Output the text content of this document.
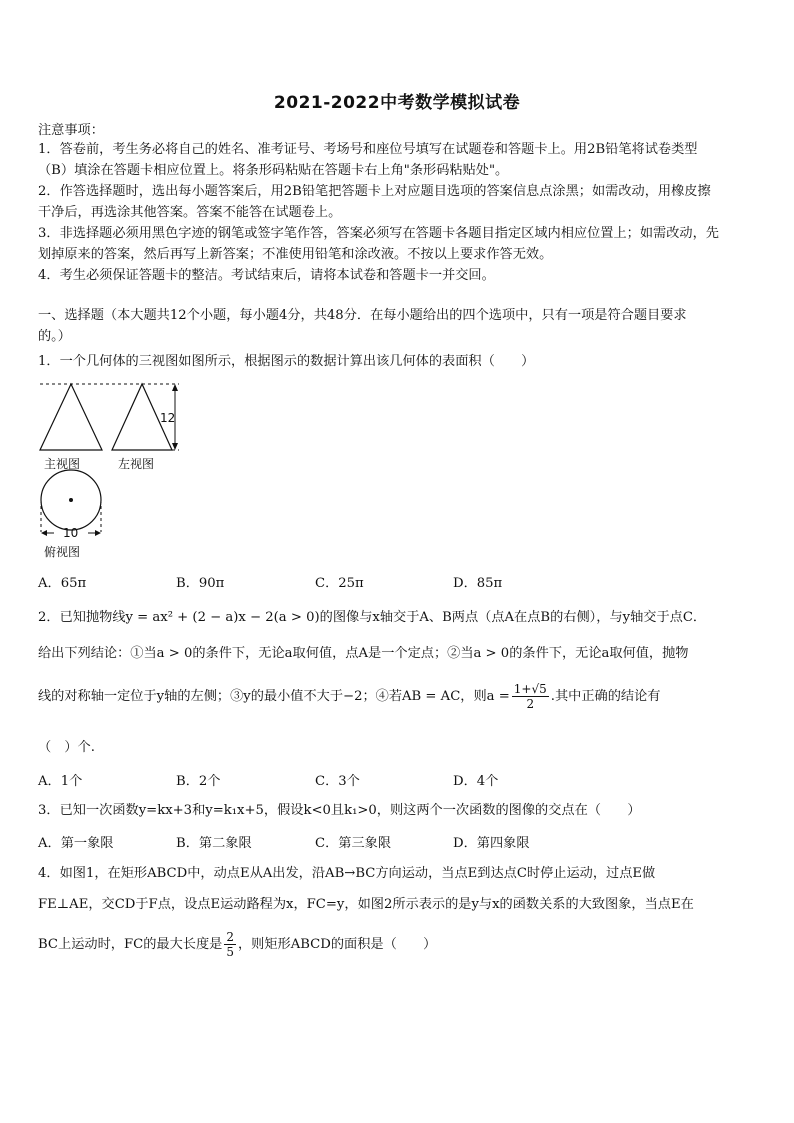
2021-2022中考数学模拟试卷
注意事项：
1．答卷前，考生务必将自己的姓名、准考证号、考场号和座位号填写在试题卷和答题卡上。用2B铅笔将试卷类型
（B）填涂在答题卡相应位置上。将条形码粘贴在答题卡右上角"条形码粘贴处"。
2．作答选择题时，选出每小题答案后，用2B铅笔把答题卡上对应题目选项的答案信息点涂黑；如需改动，用橡皮擦
干净后，再选涂其他答案。答案不能答在试题卷上。
3．非选择题必须用黑色字迹的钢笔或签字笔作答，答案必须写在答题卡各题目指定区域内相应位置上；如需改动，先
划掉原来的答案，然后再写上新答案；不准使用铅笔和涂改液。不按以上要求作答无效。
4．考生必须保证答题卡的整洁。考试结束后，请将本试卷和答题卡一并交回。
一、选择题（本大题共12个小题，每小题4分，共48分．在每小题给出的四个选项中，只有一项是符合题目要求
的。）
1．一个几何体的三视图如图所示，根据图示的数据计算出该几何体的表面积（　　）
12
主视图	左视图
10
俯视图
A．65π	B．90π	C．25π	D．85π
2．已知抛物线y = ax² + (2 − a)x − 2(a > 0)的图像与x轴交于A、B两点（点A在点B的右侧），与y轴交于点C．
给出下列结论：①当a > 0的条件下，无论a取何值，点A是一个定点；②当a > 0的条件下，无论a取何值，抛物
线的对称轴一定位于y轴的左侧；③y的最小值不大于−2；④若AB = AC，则$a = \frac{1+√5}{2}$ .其中正确的结论有
（　）个.
A．1个	B．2个	C．3个	D．4个
3．已知一次函数y=kx+3和y=k₁x+5，假设k<0且k₁>0，则这两个一次函数的图像的交点在（　　）
A．第一象限	B．第二象限	C．第三象限	D．第四象限
4．如图1，在矩形ABCD中，动点E从A出发，沿AB→BC方向运动，当点E到达点C时停止运动，过点E做
FE⊥AE，交CD于F点，设点E运动路程为x，FC=y，如图2所示表示的是y与x的函数关系的大致图象，当点E在
BC上运动时，FC的最大长度是 $\frac{2}{5}$ ，则矩形ABCD的面积是（　　）
